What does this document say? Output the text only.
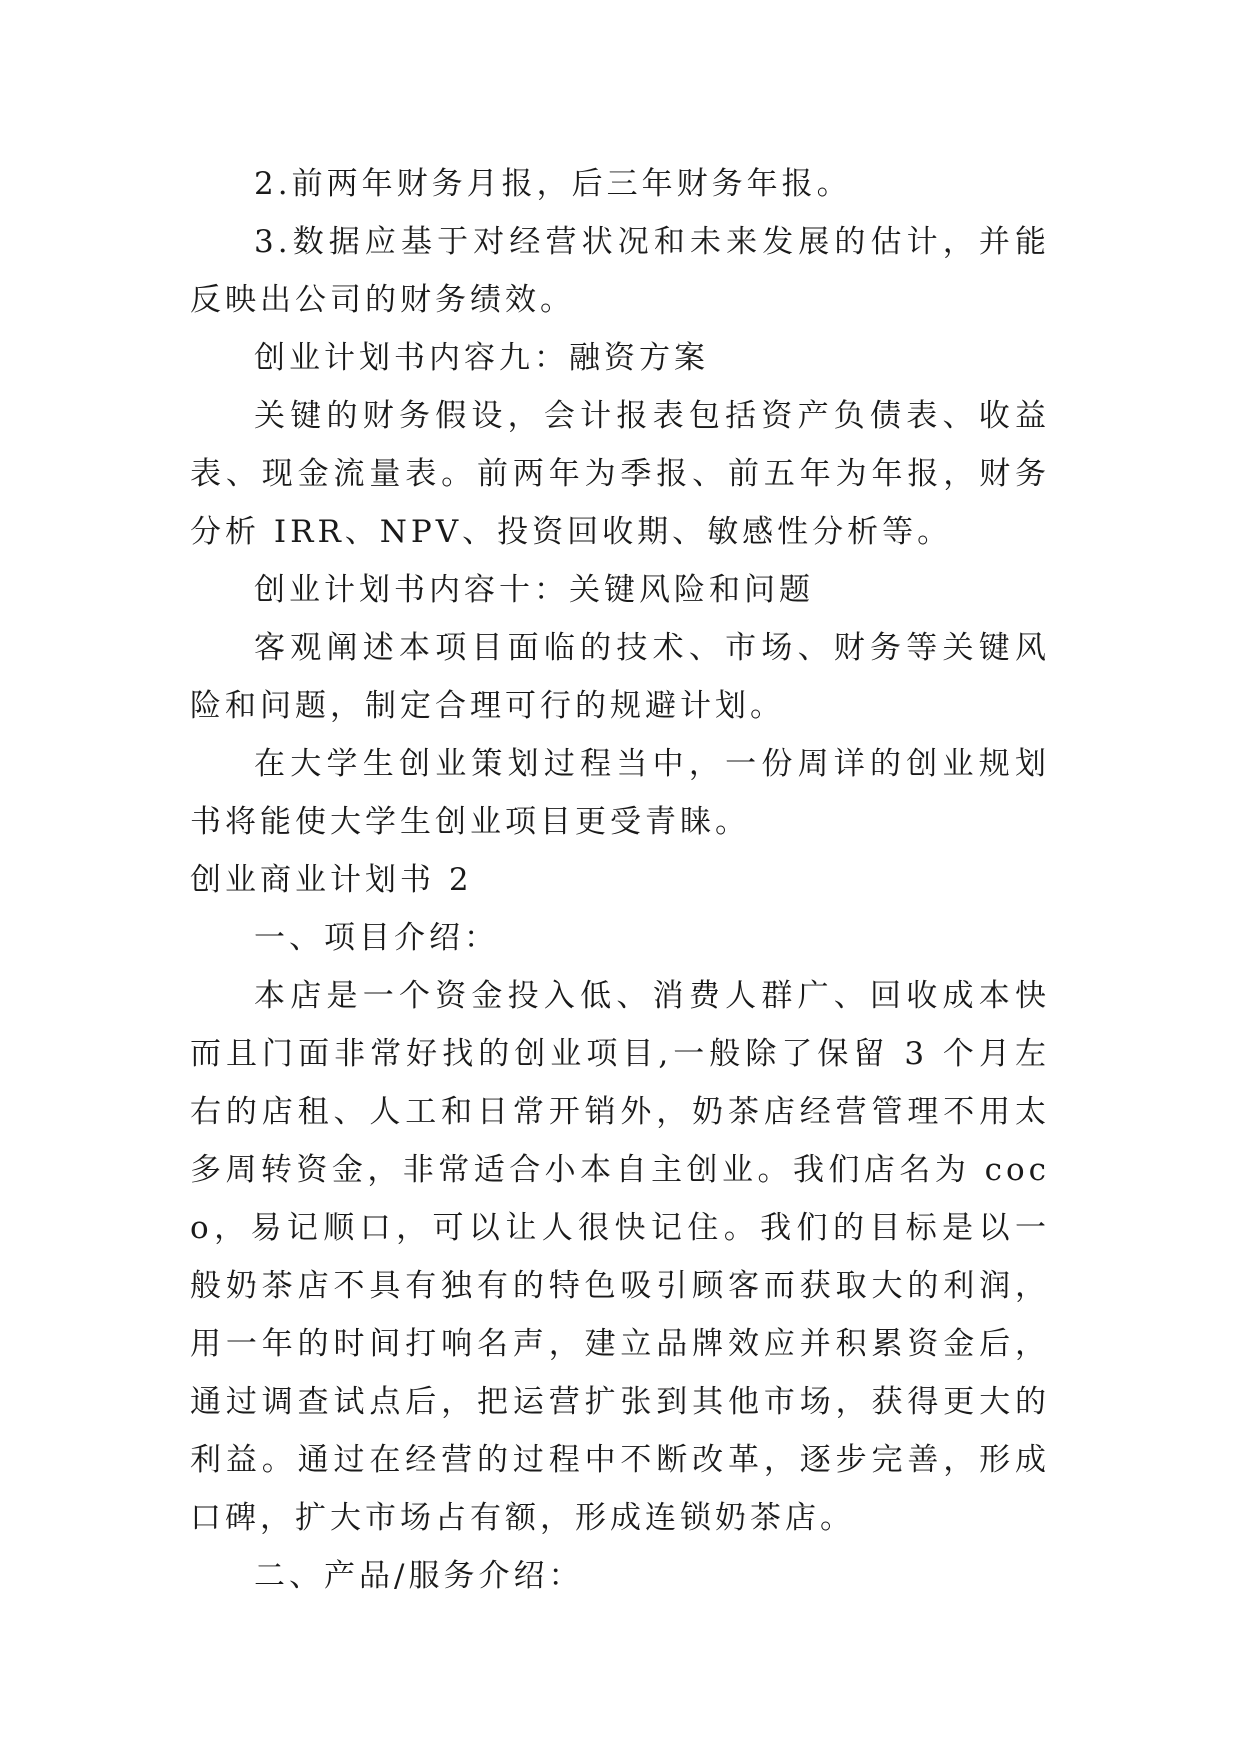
2.前两年财务月报，后三年财务年报。

3.数据应基于对经营状况和未来发展的估计，并能反映出公司的财务绩效。

创业计划书内容九：融资方案

关键的财务假设，会计报表包括资产负债表、收益表、现金流量表。前两年为季报、前五年为年报，财务分析 IRR、NPV、投资回收期、敏感性分析等。

创业计划书内容十：关键风险和问题

客观阐述本项目面临的技术、市场、财务等关键风险和问题，制定合理可行的规避计划。

在大学生创业策划过程当中，一份周详的创业规划书将能使大学生创业项目更受青睐。

创业商业计划书 2

一、项目介绍：

本店是一个资金投入低、消费人群广、回收成本快而且门面非常好找的创业项目,一般除了保留 3 个月左右的店租、人工和日常开销外，奶茶店经营管理不用太多周转资金，非常适合小本自主创业。我们店名为 coco，易记顺口，可以让人很快记住。我们的目标是以一般奶茶店不具有独有的特色吸引顾客而获取大的利润，用一年的时间打响名声，建立品牌效应并积累资金后，通过调查试点后，把运营扩张到其他市场，获得更大的利益。通过在经营的过程中不断改革，逐步完善，形成口碑，扩大市场占有额，形成连锁奶茶店。

二、产品/服务介绍：
